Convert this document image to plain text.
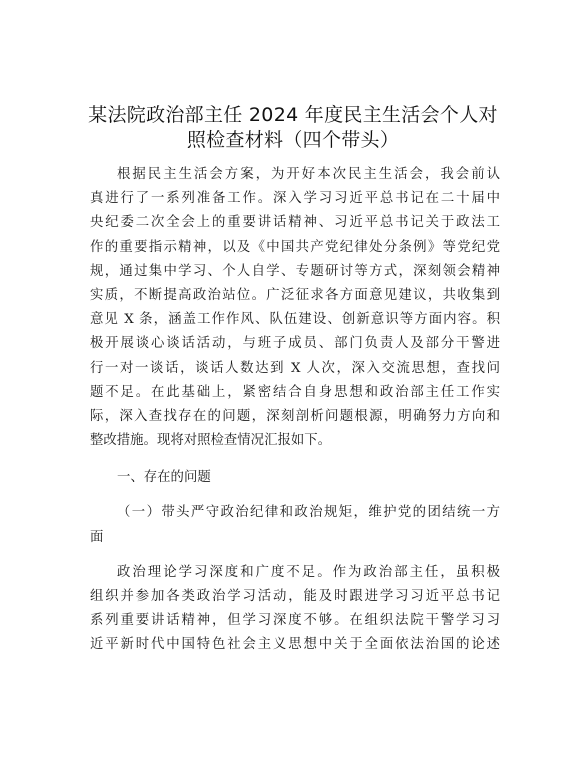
某法院政治部主任 2024 年度民主生活会个人对
照检查材料（四个带头）
根据民主生活会方案，为开好本次民主生活会，我会前认
真进行了一系列准备工作。深入学习习近平总书记在二十届中
央纪委二次全会上的重要讲话精神、习近平总书记关于政法工
作的重要指示精神，以及《中国共产党纪律处分条例》等党纪党
规，通过集中学习、个人自学、专题研讨等方式，深刻领会精神
实质，不断提高政治站位。广泛征求各方面意见建议，共收集到
意见 X 条，涵盖工作作风、队伍建设、创新意识等方面内容。积
极开展谈心谈话活动，与班子成员、部门负责人及部分干警进
行一对一谈话，谈话人数达到 X 人次，深入交流思想，查找问
题不足。在此基础上，紧密结合自身思想和政治部主任工作实
际，深入查找存在的问题，深刻剖析问题根源，明确努力方向和
整改措施。现将对照检查情况汇报如下。
一、存在的问题
（一）带头严守政治纪律和政治规矩，维护党的团结统一方
面
政治理论学习深度和广度不足。作为政治部主任，虽积极
组织并参加各类政治学习活动，能及时跟进学习习近平总书记
系列重要讲话精神，但学习深度不够。在组织法院干警学习习
近平新时代中国特色社会主义思想中关于全面依法治国的论述
